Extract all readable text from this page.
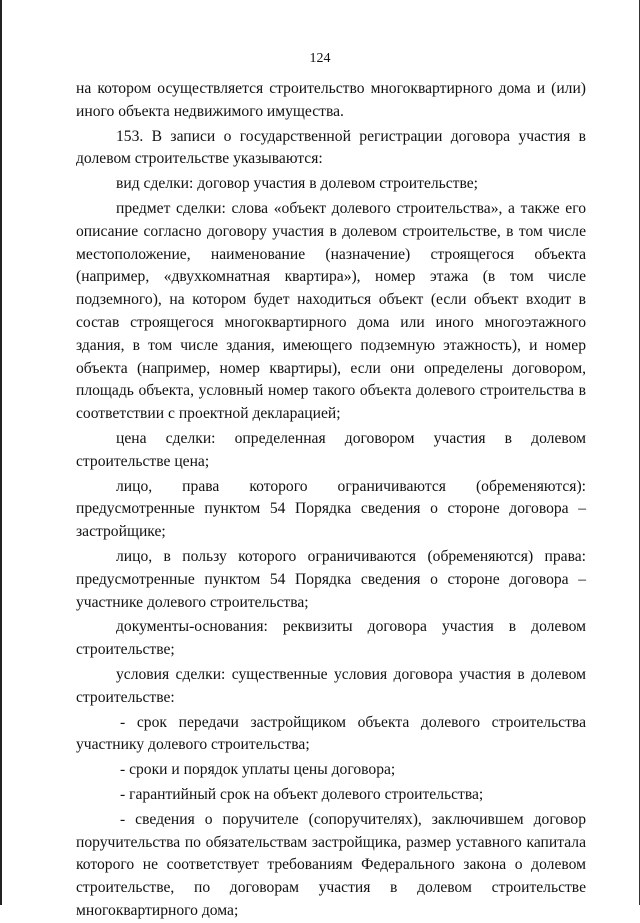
124

на котором осуществляется строительство многоквартирного дома и (или) иного объекта недвижимого имущества.

153. В записи о государственной регистрации договора участия в долевом строительстве указываются:

вид сделки: договор участия в долевом строительстве;

предмет сделки: слова «объект долевого строительства», а также его описание согласно договору участия в долевом строительстве, в том числе местоположение, наименование (назначение) строящегося объекта (например, «двухкомнатная квартира»), номер этажа (в том числе подземного), на котором будет находиться объект (если объект входит в состав строящегося многоквартирного дома или иного многоэтажного здания, в том числе здания, имеющего подземную этажность), и номер объекта (например, номер квартиры), если они определены договором, площадь объекта, условный номер такого объекта долевого строительства в соответствии с проектной декларацией;

цена сделки: определенная договором участия в долевом строительстве цена;

лицо, права которого ограничиваются (обременяются): предусмотренные пунктом 54 Порядка сведения о стороне договора – застройщике;

лицо, в пользу которого ограничиваются (обременяются) права: предусмотренные пунктом 54 Порядка сведения о стороне договора – участнике долевого строительства;

документы-основания: реквизиты договора участия в долевом строительстве;

условия сделки: существенные условия договора участия в долевом строительстве:

- срок передачи застройщиком объекта долевого строительства участнику долевого строительства;

- сроки и порядок уплаты цены договора;

- гарантийный срок на объект долевого строительства;

- сведения о поручителе (сопоручителях), заключившем договор поручительства по обязательствам застройщика, размер уставного капитала которого не соответствует требованиям Федерального закона о долевом строительстве, по договорам участия в долевом строительстве многоквартирного дома;
